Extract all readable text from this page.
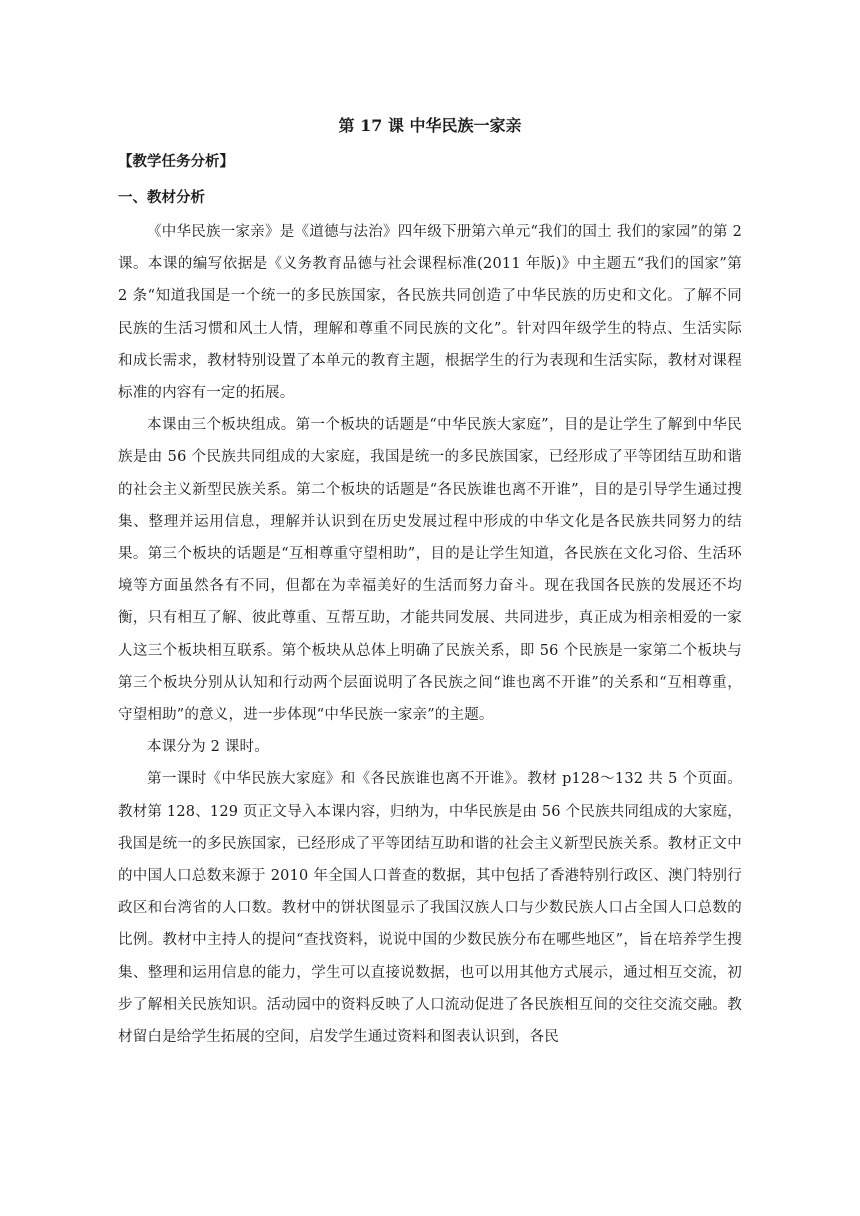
第 17 课 中华民族一家亲

【教学任务分析】

一、教材分析

《中华民族一家亲》是《道德与法治》四年级下册第六单元“我们的国土 我们的家园”的第 2 课。本课的编写依据是《义务教育品德与社会课程标准(2011 年版)》中主题五“我们的国家”第 2 条“知道我国是一个统一的多民族国家，各民族共同创造了中华民族的历史和文化。了解不同民族的生活习惯和风土人情，理解和尊重不同民族的文化”。针对四年级学生的特点、生活实际和成长需求，教材特别设置了本单元的教育主题，根据学生的行为表现和生活实际，教材对课程标准的内容有一定的拓展。

本课由三个板块组成。第一个板块的话题是“中华民族大家庭”，目的是让学生了解到中华民族是由 56 个民族共同组成的大家庭，我国是统一的多民族国家，已经形成了平等团结互助和谐的社会主义新型民族关系。第二个板块的话题是“各民族谁也离不开谁”，目的是引导学生通过搜集、整理并运用信息，理解并认识到在历史发展过程中形成的中华文化是各民族共同努力的结果。第三个板块的话题是“互相尊重守望相助”，目的是让学生知道，各民族在文化习俗、生活环境等方面虽然各有不同，但都在为幸福美好的生活而努力奋斗。现在我国各民族的发展还不均衡，只有相互了解、彼此尊重、互帮互助，才能共同发展、共同进步，真正成为相亲相爱的一家人这三个板块相互联系。第个板块从总体上明确了民族关系，即 56 个民族是一家第二个板块与第三个板块分别从认知和行动两个层面说明了各民族之间“谁也离不开谁”的关系和“互相尊重，守望相助”的意义，进一步体现“中华民族一家亲”的主题。

本课分为 2 课时。

第一课时《中华民族大家庭》和《各民族谁也离不开谁》。教材 p128～132 共 5 个页面。教材第 128、129 页正文导入本课内容，归纳为，中华民族是由 56 个民族共同组成的大家庭，我国是统一的多民族国家，已经形成了平等团结互助和谐的社会主义新型民族关系。教材正文中的中国人口总数来源于 2010 年全国人口普查的数据，其中包括了香港特别行政区、澳门特别行政区和台湾省的人口数。教材中的饼状图显示了我国汉族人口与少数民族人口占全国人口总数的比例。教材中主持人的提问“查找资料，说说中国的少数民族分布在哪些地区”，旨在培养学生搜集、整理和运用信息的能力，学生可以直接说数据，也可以用其他方式展示，通过相互交流，初步了解相关民族知识。活动园中的资料反映了人口流动促进了各民族相互间的交往交流交融。教材留白是给学生拓展的空间，启发学生通过资料和图表认识到，各民
